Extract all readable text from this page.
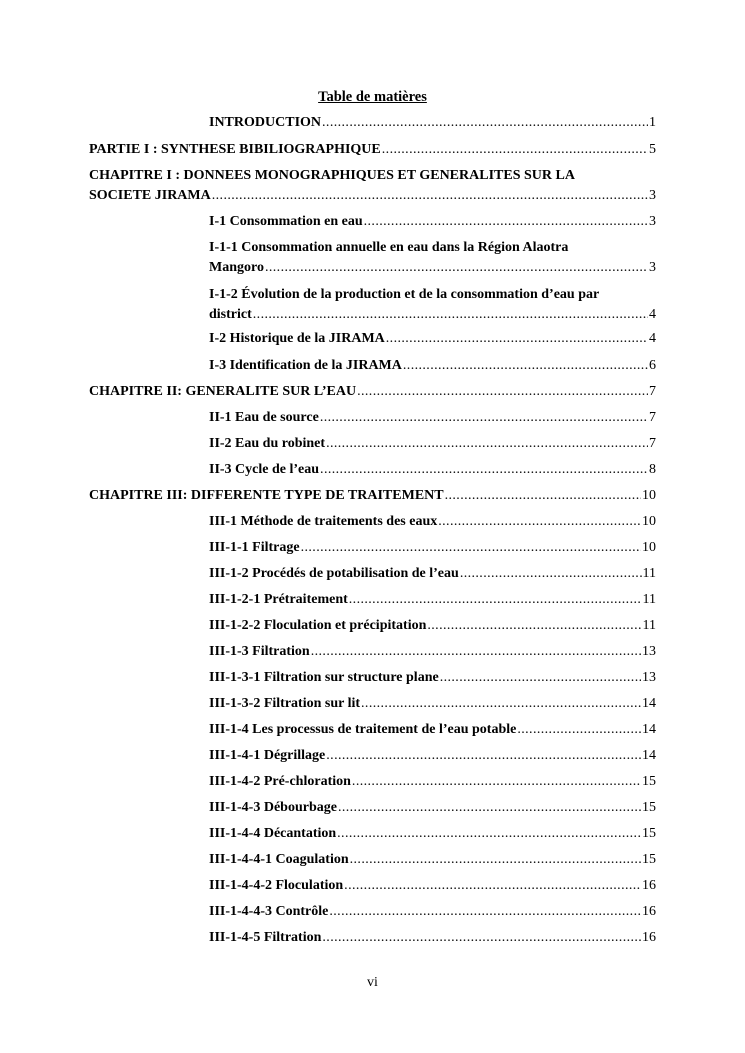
Table de matières
INTRODUCTION .....	1
PARTIE I : SYNTHESE BIBILIOGRAPHIQUE .....	5
CHAPITRE I : DONNEES MONOGRAPHIQUES ET GENERALITES SUR LA
SOCIETE JIRAMA .....	3
I-1 Consommation en eau .....	3
I-1-1 Consommation annuelle en eau dans la Région Alaotra
Mangoro .....	3
I-1-2 Évolution de la production et de la consommation d’eau par
district .....	4
I-2 Historique de la JIRAMA .....	4
I-3 Identification de la JIRAMA .....	6
CHAPITRE II: GENERALITE SUR L’EAU .....	7
II-1 Eau de source .....	7
II-2 Eau du robinet .....	7
II-3 Cycle de l’eau .....	8
CHAPITRE III: DIFFERENTE TYPE DE TRAITEMENT .....	10
III-1 Méthode de traitements des eaux .....	10
III-1-1 Filtrage .....	10
III-1-2 Procédés de potabilisation de l’eau .....	11
III-1-2-1 Prétraitement .....	11
III-1-2-2 Floculation et précipitation .....	11
III-1-3 Filtration .....	13
III-1-3-1 Filtration sur structure plane .....	13
III-1-3-2 Filtration sur lit .....	14
III-1-4 Les processus de traitement de l’eau potable .....	14
III-1-4-1 Dégrillage .....	14
III-1-4-2 Pré-chloration .....	15
III-1-4-3 Débourbage .....	15
III-1-4-4 Décantation .....	15
III-1-4-4-1 Coagulation .....	15
III-1-4-4-2 Floculation .....	16
III-1-4-4-3 Contrôle .....	16
III-1-4-5 Filtration .....	16
vi
